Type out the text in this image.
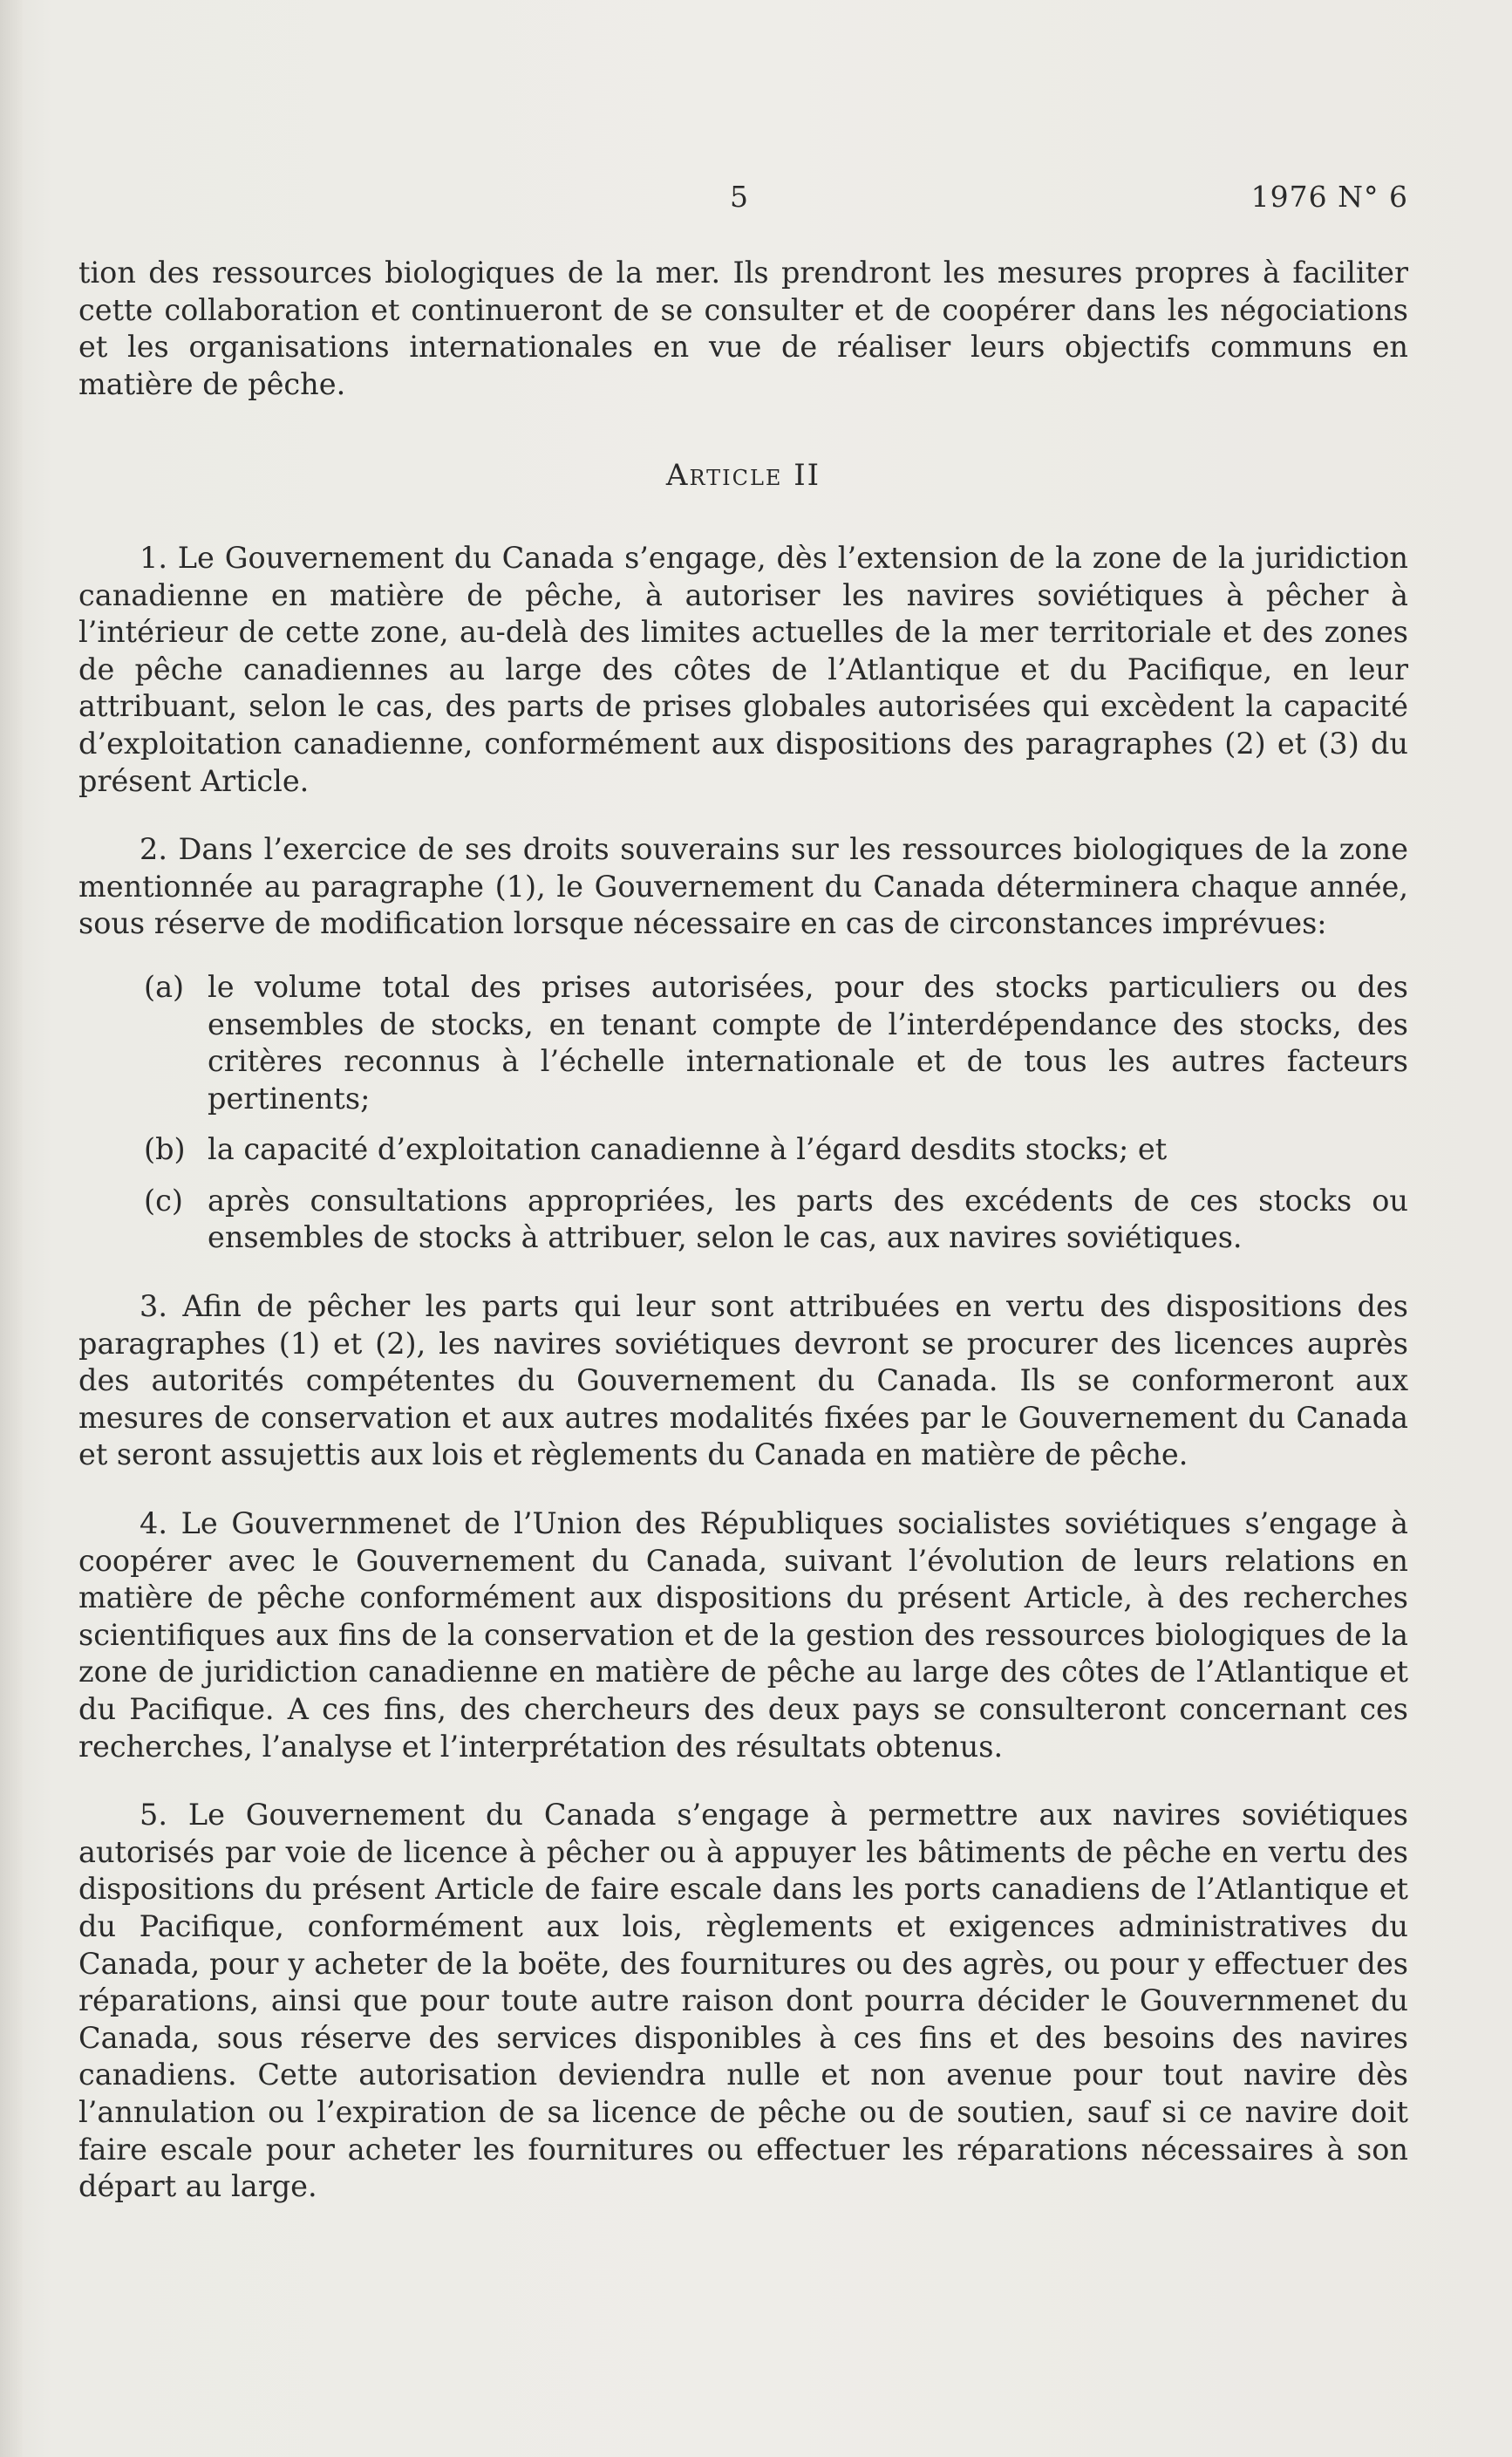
5	1976 N° 6

tion des ressources biologiques de la mer. Ils prendront les mesures propres à faciliter cette collaboration et continueront de se consulter et de coopérer dans les négociations et les organisations internationales en vue de réaliser leurs objectifs communs en matière de pêche.

Article II

1. Le Gouvernement du Canada s’engage, dès l’extension de la zone de la juridiction canadienne en matière de pêche, à autoriser les navires soviétiques à pêcher à l’intérieur de cette zone, au-delà des limites actuelles de la mer territoriale et des zones de pêche canadiennes au large des côtes de l’Atlantique et du Pacifique, en leur attribuant, selon le cas, des parts de prises globales autorisées qui excèdent la capacité d’exploitation canadienne, conformément aux dispositions des paragraphes (2) et (3) du présent Article.

2. Dans l’exercice de ses droits souverains sur les ressources biologiques de la zone mentionnée au paragraphe (1), le Gouvernement du Canada déterminera chaque année, sous réserve de modification lorsque nécessaire en cas de circonstances imprévues:

(a) le volume total des prises autorisées, pour des stocks particuliers ou des ensembles de stocks, en tenant compte de l’interdépendance des stocks, des critères reconnus à l’échelle internationale et de tous les autres facteurs pertinents;
(b) la capacité d’exploitation canadienne à l’égard desdits stocks; et
(c) après consultations appropriées, les parts des excédents de ces stocks ou ensembles de stocks à attribuer, selon le cas, aux navires soviétiques.

3. Afin de pêcher les parts qui leur sont attribuées en vertu des dispositions des paragraphes (1) et (2), les navires soviétiques devront se procurer des licences auprès des autorités compétentes du Gouvernement du Canada. Ils se conformeront aux mesures de conservation et aux autres modalités fixées par le Gouvernement du Canada et seront assujettis aux lois et règlements du Canada en matière de pêche.

4. Le Gouvernmenet de l’Union des Républiques socialistes soviétiques s’engage à coopérer avec le Gouvernement du Canada, suivant l’évolution de leurs relations en matière de pêche conformément aux dispositions du présent Article, à des recherches scientifiques aux fins de la conservation et de la gestion des ressources biologiques de la zone de juridiction canadienne en matière de pêche au large des côtes de l’Atlantique et du Pacifique. A ces fins, des chercheurs des deux pays se consulteront concernant ces recherches, l’analyse et l’interprétation des résultats obtenus.

5. Le Gouvernement du Canada s’engage à permettre aux navires soviétiques autorisés par voie de licence à pêcher ou à appuyer les bâtiments de pêche en vertu des dispositions du présent Article de faire escale dans les ports canadiens de l’Atlantique et du Pacifique, conformément aux lois, règlements et exigences administratives du Canada, pour y acheter de la boëte, des fournitures ou des agrès, ou pour y effectuer des réparations, ainsi que pour toute autre raison dont pourra décider le Gouvernmenet du Canada, sous réserve des services disponibles à ces fins et des besoins des navires canadiens. Cette autorisation deviendra nulle et non avenue pour tout navire dès l’annulation ou l’expiration de sa licence de pêche ou de soutien, sauf si ce navire doit faire escale pour acheter les fournitures ou effectuer les réparations nécessaires à son départ au large.
